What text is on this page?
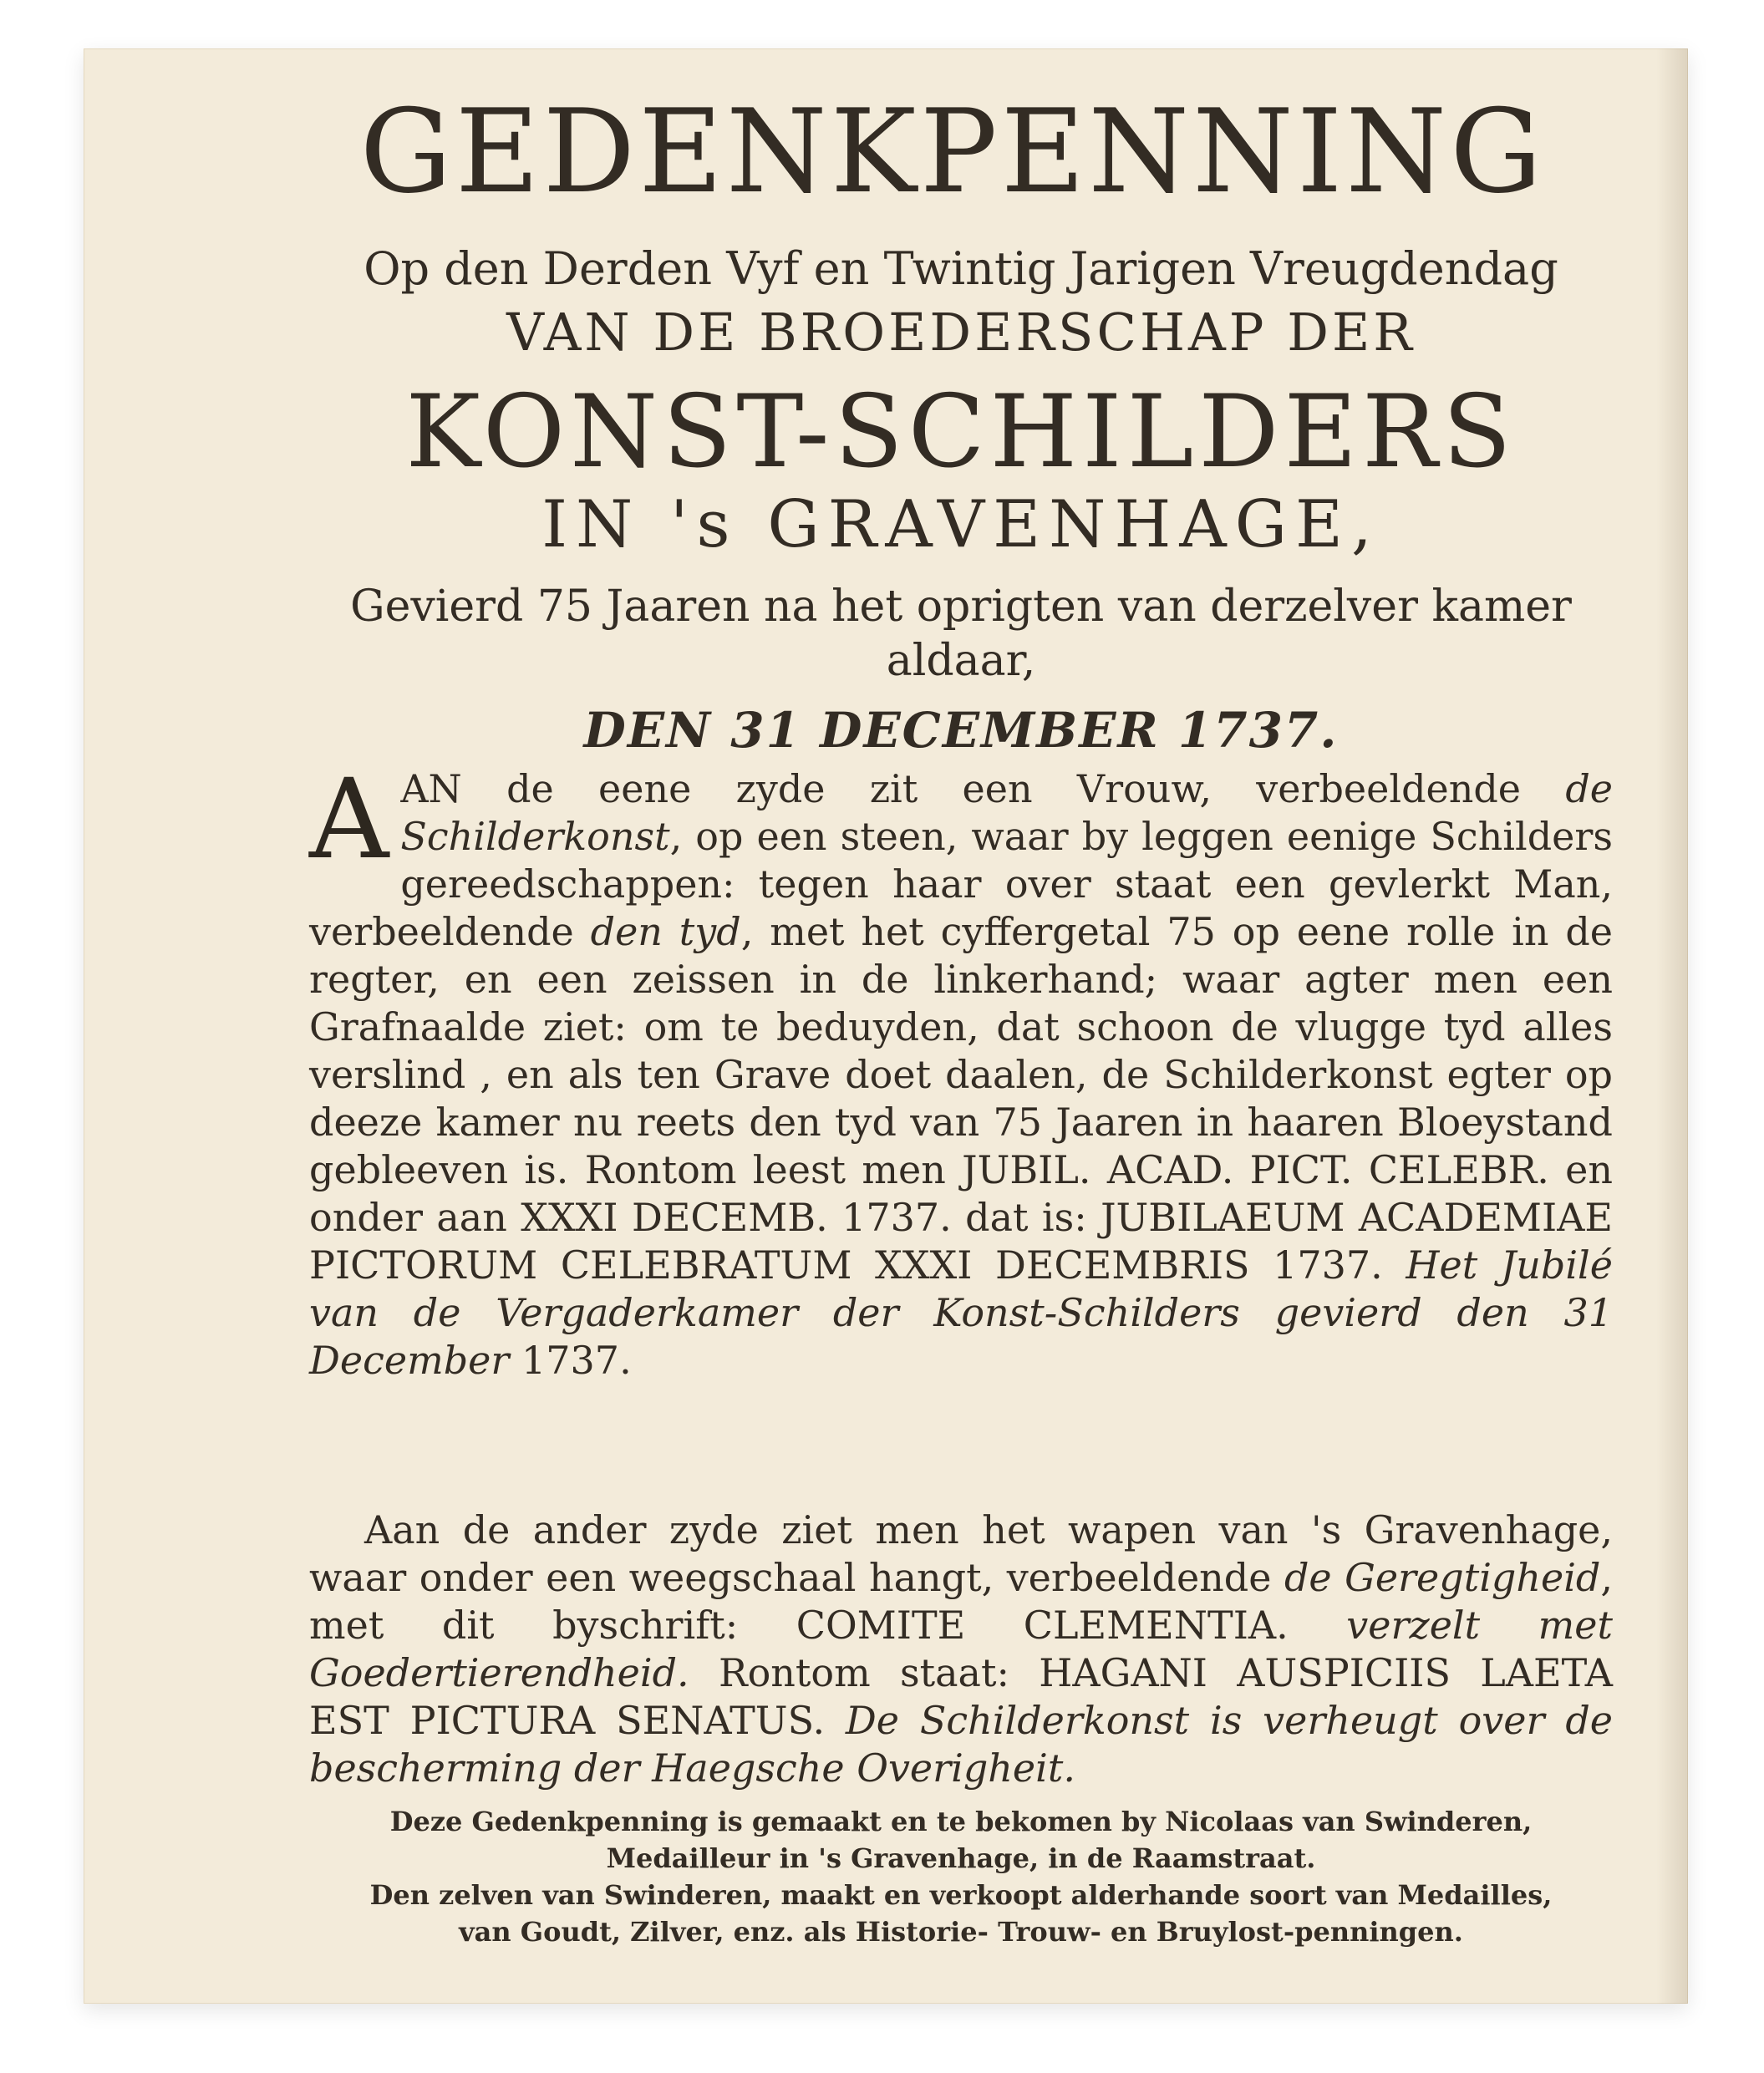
GEDENKPENNING
Op den Derden Vyf en Twintig Jarigen Vreugdendag
VAN DE BROEDERSCHAP DER
KONST-SCHILDERS
IN 's GRAVENHAGE,
Gevierd 75 Jaaren na het oprigten van derzelver kamer aldaar,
DEN 31 DECEMBER 1737.

A AN de eene zyde zit een Vrouw, verbeeldende de Schilderkonst, op een steen, waar by leggen eenige Schilders gereedschappen: tegen haar over staat een gevlerkt Man, verbeeldende den tyd, met het cyffergetal 75 op eene rolle in de regter, en een zeissen in de linkerhand; waar agter men een Grafnaalde ziet: om te beduyden, dat schoon de vlugge tyd alles verslind , en als ten Grave doet daalen, de Schilderkonst egter op deeze kamer nu reets den tyd van 75 Jaaren in haaren Bloeystand gebleeven is. Rontom leest men JUBIL. ACAD. PICT. CELEBR. en onder aan XXXI DECEMB. 1737. dat is: JUBILAEUM ACADEMIAE PICTORUM CELEBRATUM XXXI DECEMBRIS 1737. Het Jubilé van de Vergaderkamer der Konst-Schilders gevierd den 31 December 1737.

Aan de ander zyde ziet men het wapen van 's Gravenhage, waar onder een weegschaal hangt, verbeeldende de Geregtigheid, met dit byschrift: COMITE CLEMENTIA. verzelt met Goedertierendheid. Rontom staat: HAGANI AUSPICIIS LAETA EST PICTURA SENATUS. De Schilderkonst is verheugt over de bescherming der Haegsche Overigheit.

Deze Gedenkpenning is gemaakt en te bekomen by Nicolaas van Swinderen,
Medailleur in 's Gravenhage, in de Raamstraat.
Den zelven van Swinderen, maakt en verkoopt alderhande soort van Medailles,
van Goudt, Zilver, enz. als Historie- Trouw- en Bruylost-penningen.
